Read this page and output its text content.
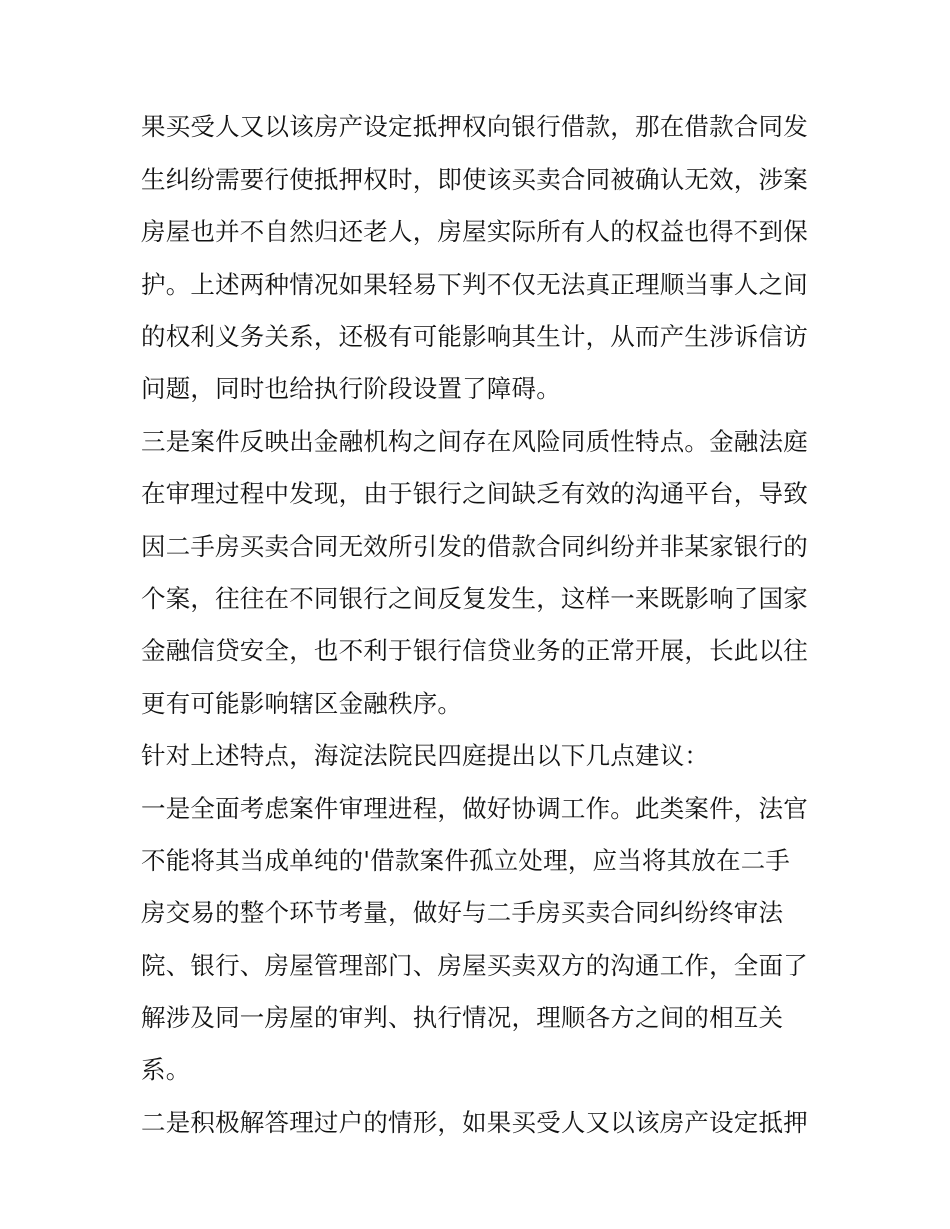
果买受人又以该房产设定抵押权向银行借款，那在借款合同发
生纠纷需要行使抵押权时，即使该买卖合同被确认无效，涉案
房屋也并不自然归还老人，房屋实际所有人的权益也得不到保
护。上述两种情况如果轻易下判不仅无法真正理顺当事人之间
的权利义务关系，还极有可能影响其生计，从而产生涉诉信访
问题，同时也给执行阶段设置了障碍。
三是案件反映出金融机构之间存在风险同质性特点。金融法庭
在审理过程中发现，由于银行之间缺乏有效的沟通平台，导致
因二手房买卖合同无效所引发的借款合同纠纷并非某家银行的
个案，往往在不同银行之间反复发生，这样一来既影响了国家
金融信贷安全，也不利于银行信贷业务的正常开展，长此以往
更有可能影响辖区金融秩序。
针对上述特点，海淀法院民四庭提出以下几点建议：
一是全面考虑案件审理进程，做好协调工作。此类案件，法官
不能将其当成单纯的'借款案件孤立处理，应当将其放在二手
房交易的整个环节考量，做好与二手房买卖合同纠纷终审法
院、银行、房屋管理部门、房屋买卖双方的沟通工作，全面了
解涉及同一房屋的审判、执行情况，理顺各方之间的相互关
系。
二是积极解答理过户的情形，如果买受人又以该房产设定抵押
